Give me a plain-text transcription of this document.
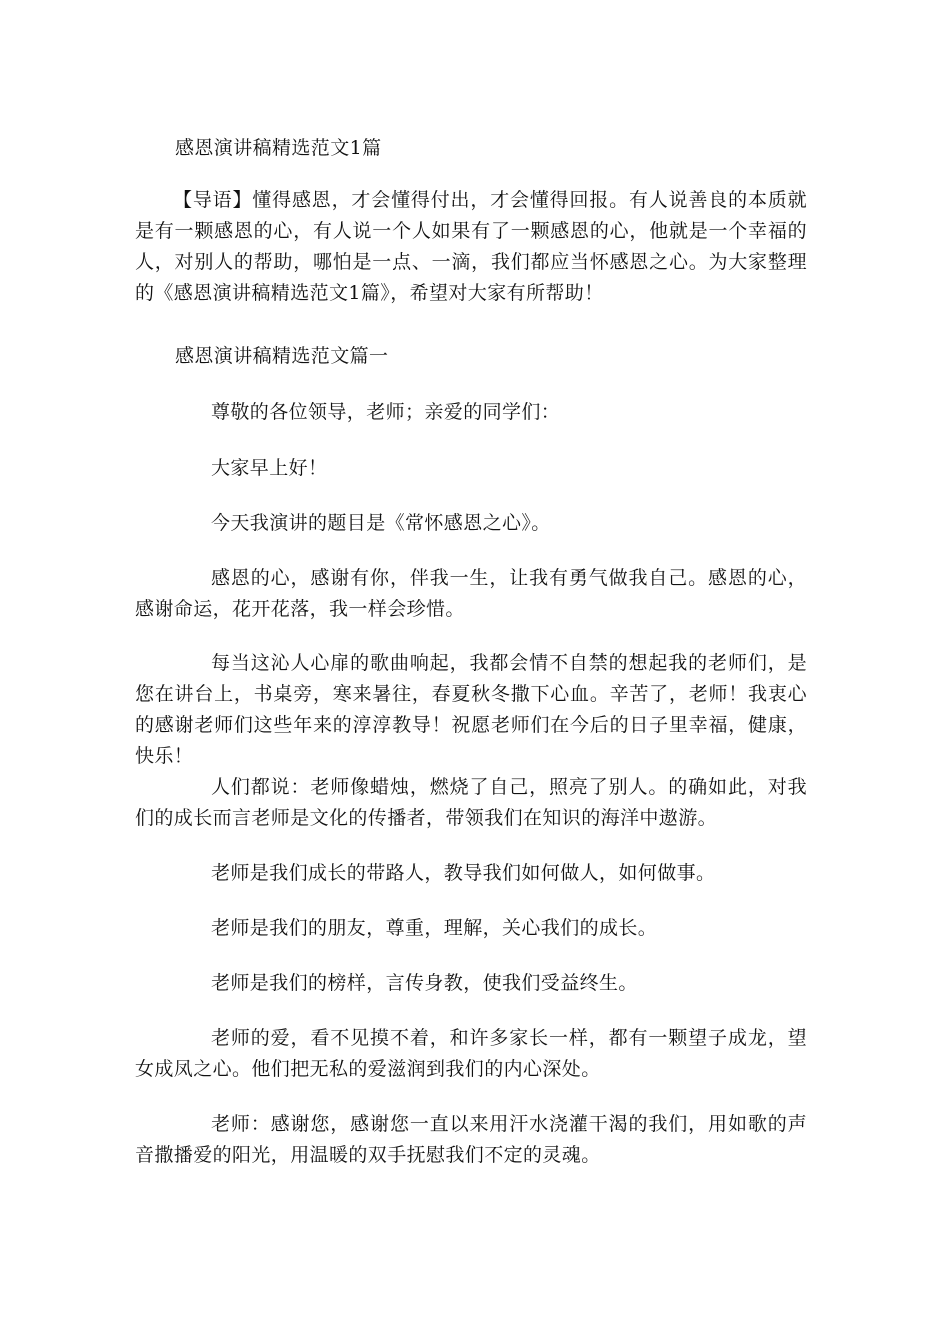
感恩演讲稿精选范文1篇

【导语】懂得感恩，才会懂得付出，才会懂得回报。有人说善良的本质就是有一颗感恩的心，有人说一个人如果有了一颗感恩的心，他就是一个幸福的人，对别人的帮助，哪怕是一点、一滴，我们都应当怀感恩之心。为大家整理的《感恩演讲稿精选范文1篇》，希望对大家有所帮助！

感恩演讲稿精选范文篇一

尊敬的各位领导，老师；亲爱的同学们：

大家早上好！

今天我演讲的题目是《常怀感恩之心》。

感恩的心，感谢有你，伴我一生，让我有勇气做我自己。感恩的心，感谢命运，花开花落，我一样会珍惜。

每当这沁人心扉的歌曲响起，我都会情不自禁的想起我的老师们，是您在讲台上，书桌旁，寒来暑往，春夏秋冬撒下心血。辛苦了，老师！我衷心的感谢老师们这些年来的淳淳教导！祝愿老师们在今后的日子里幸福，健康，快乐！

人们都说：老师像蜡烛，燃烧了自己，照亮了别人。的确如此，对我们的成长而言老师是文化的传播者，带领我们在知识的海洋中遨游。

老师是我们成长的带路人，教导我们如何做人，如何做事。

老师是我们的朋友，尊重，理解，关心我们的成长。

老师是我们的榜样，言传身教，使我们受益终生。

老师的爱，看不见摸不着，和许多家长一样，都有一颗望子成龙，望女成凤之心。他们把无私的爱滋润到我们的内心深处。

老师：感谢您，感谢您一直以来用汗水浇灌干渴的我们，用如歌的声音撒播爱的阳光，用温暖的双手抚慰我们不定的灵魂。
